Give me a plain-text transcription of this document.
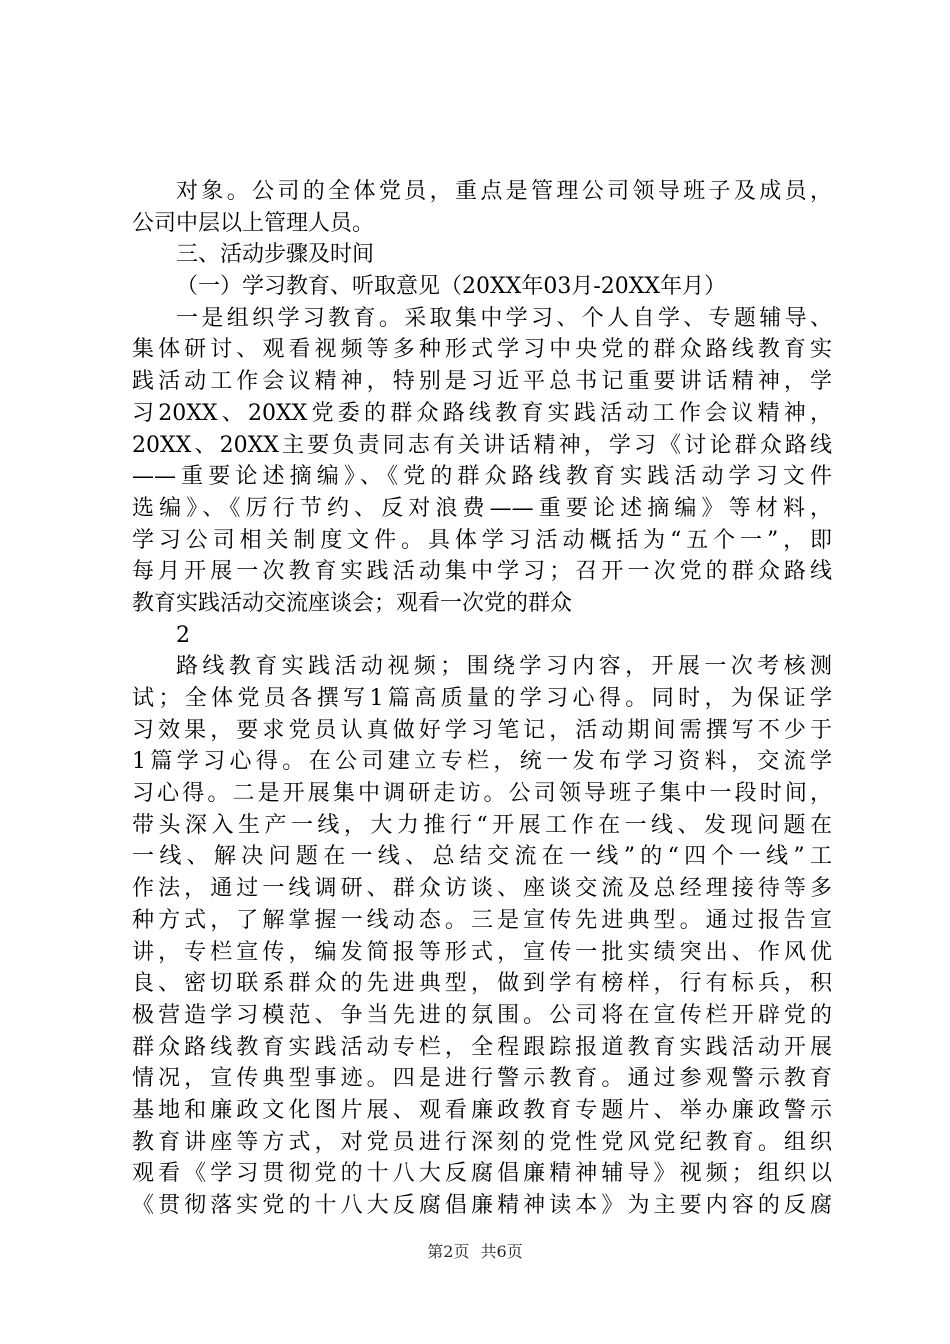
对象。公司的全体党员，重点是管理公司领导班子及成员，
公司中层以上管理人员。
三、活动步骤及时间
（一）学习教育、听取意见（20XX年03月-20XX年月）
一是组织学习教育。采取集中学习、个人自学、专题辅导、
集体研讨、观看视频等多种形式学习中央党的群众路线教育实
践活动工作会议精神，特别是习近平总书记重要讲话精神，学
习20XX、20XX党委的群众路线教育实践活动工作会议精神，
20XX、20XX主要负责同志有关讲话精神，学习《讨论群众路线
——重要论述摘编》、《党的群众路线教育实践活动学习文件
选编》、《厉行节约、反对浪费——重要论述摘编》等材料，
学习公司相关制度文件。具体学习活动概括为“五个一”，即
每月开展一次教育实践活动集中学习；召开一次党的群众路线
教育实践活动交流座谈会；观看一次党的群众
2
路线教育实践活动视频；围绕学习内容，开展一次考核测
试；全体党员各撰写1篇高质量的学习心得。同时，为保证学
习效果，要求党员认真做好学习笔记，活动期间需撰写不少于
1篇学习心得。在公司建立专栏，统一发布学习资料，交流学
习心得。二是开展集中调研走访。公司领导班子集中一段时间，
带头深入生产一线，大力推行“开展工作在一线、发现问题在
一线、解决问题在一线、总结交流在一线”的“四个一线”工
作法，通过一线调研、群众访谈、座谈交流及总经理接待等多
种方式，了解掌握一线动态。三是宣传先进典型。通过报告宣
讲，专栏宣传，编发简报等形式，宣传一批实绩突出、作风优
良、密切联系群众的先进典型，做到学有榜样，行有标兵，积
极营造学习模范、争当先进的氛围。公司将在宣传栏开辟党的
群众路线教育实践活动专栏，全程跟踪报道教育实践活动开展
情况，宣传典型事迹。四是进行警示教育。通过参观警示教育
基地和廉政文化图片展、观看廉政教育专题片、举办廉政警示
教育讲座等方式，对党员进行深刻的党性党风党纪教育。组织
观看《学习贯彻党的十八大反腐倡廉精神辅导》视频；组织以
《贯彻落实党的十八大反腐倡廉精神读本》为主要内容的反腐
第2页 共6页
